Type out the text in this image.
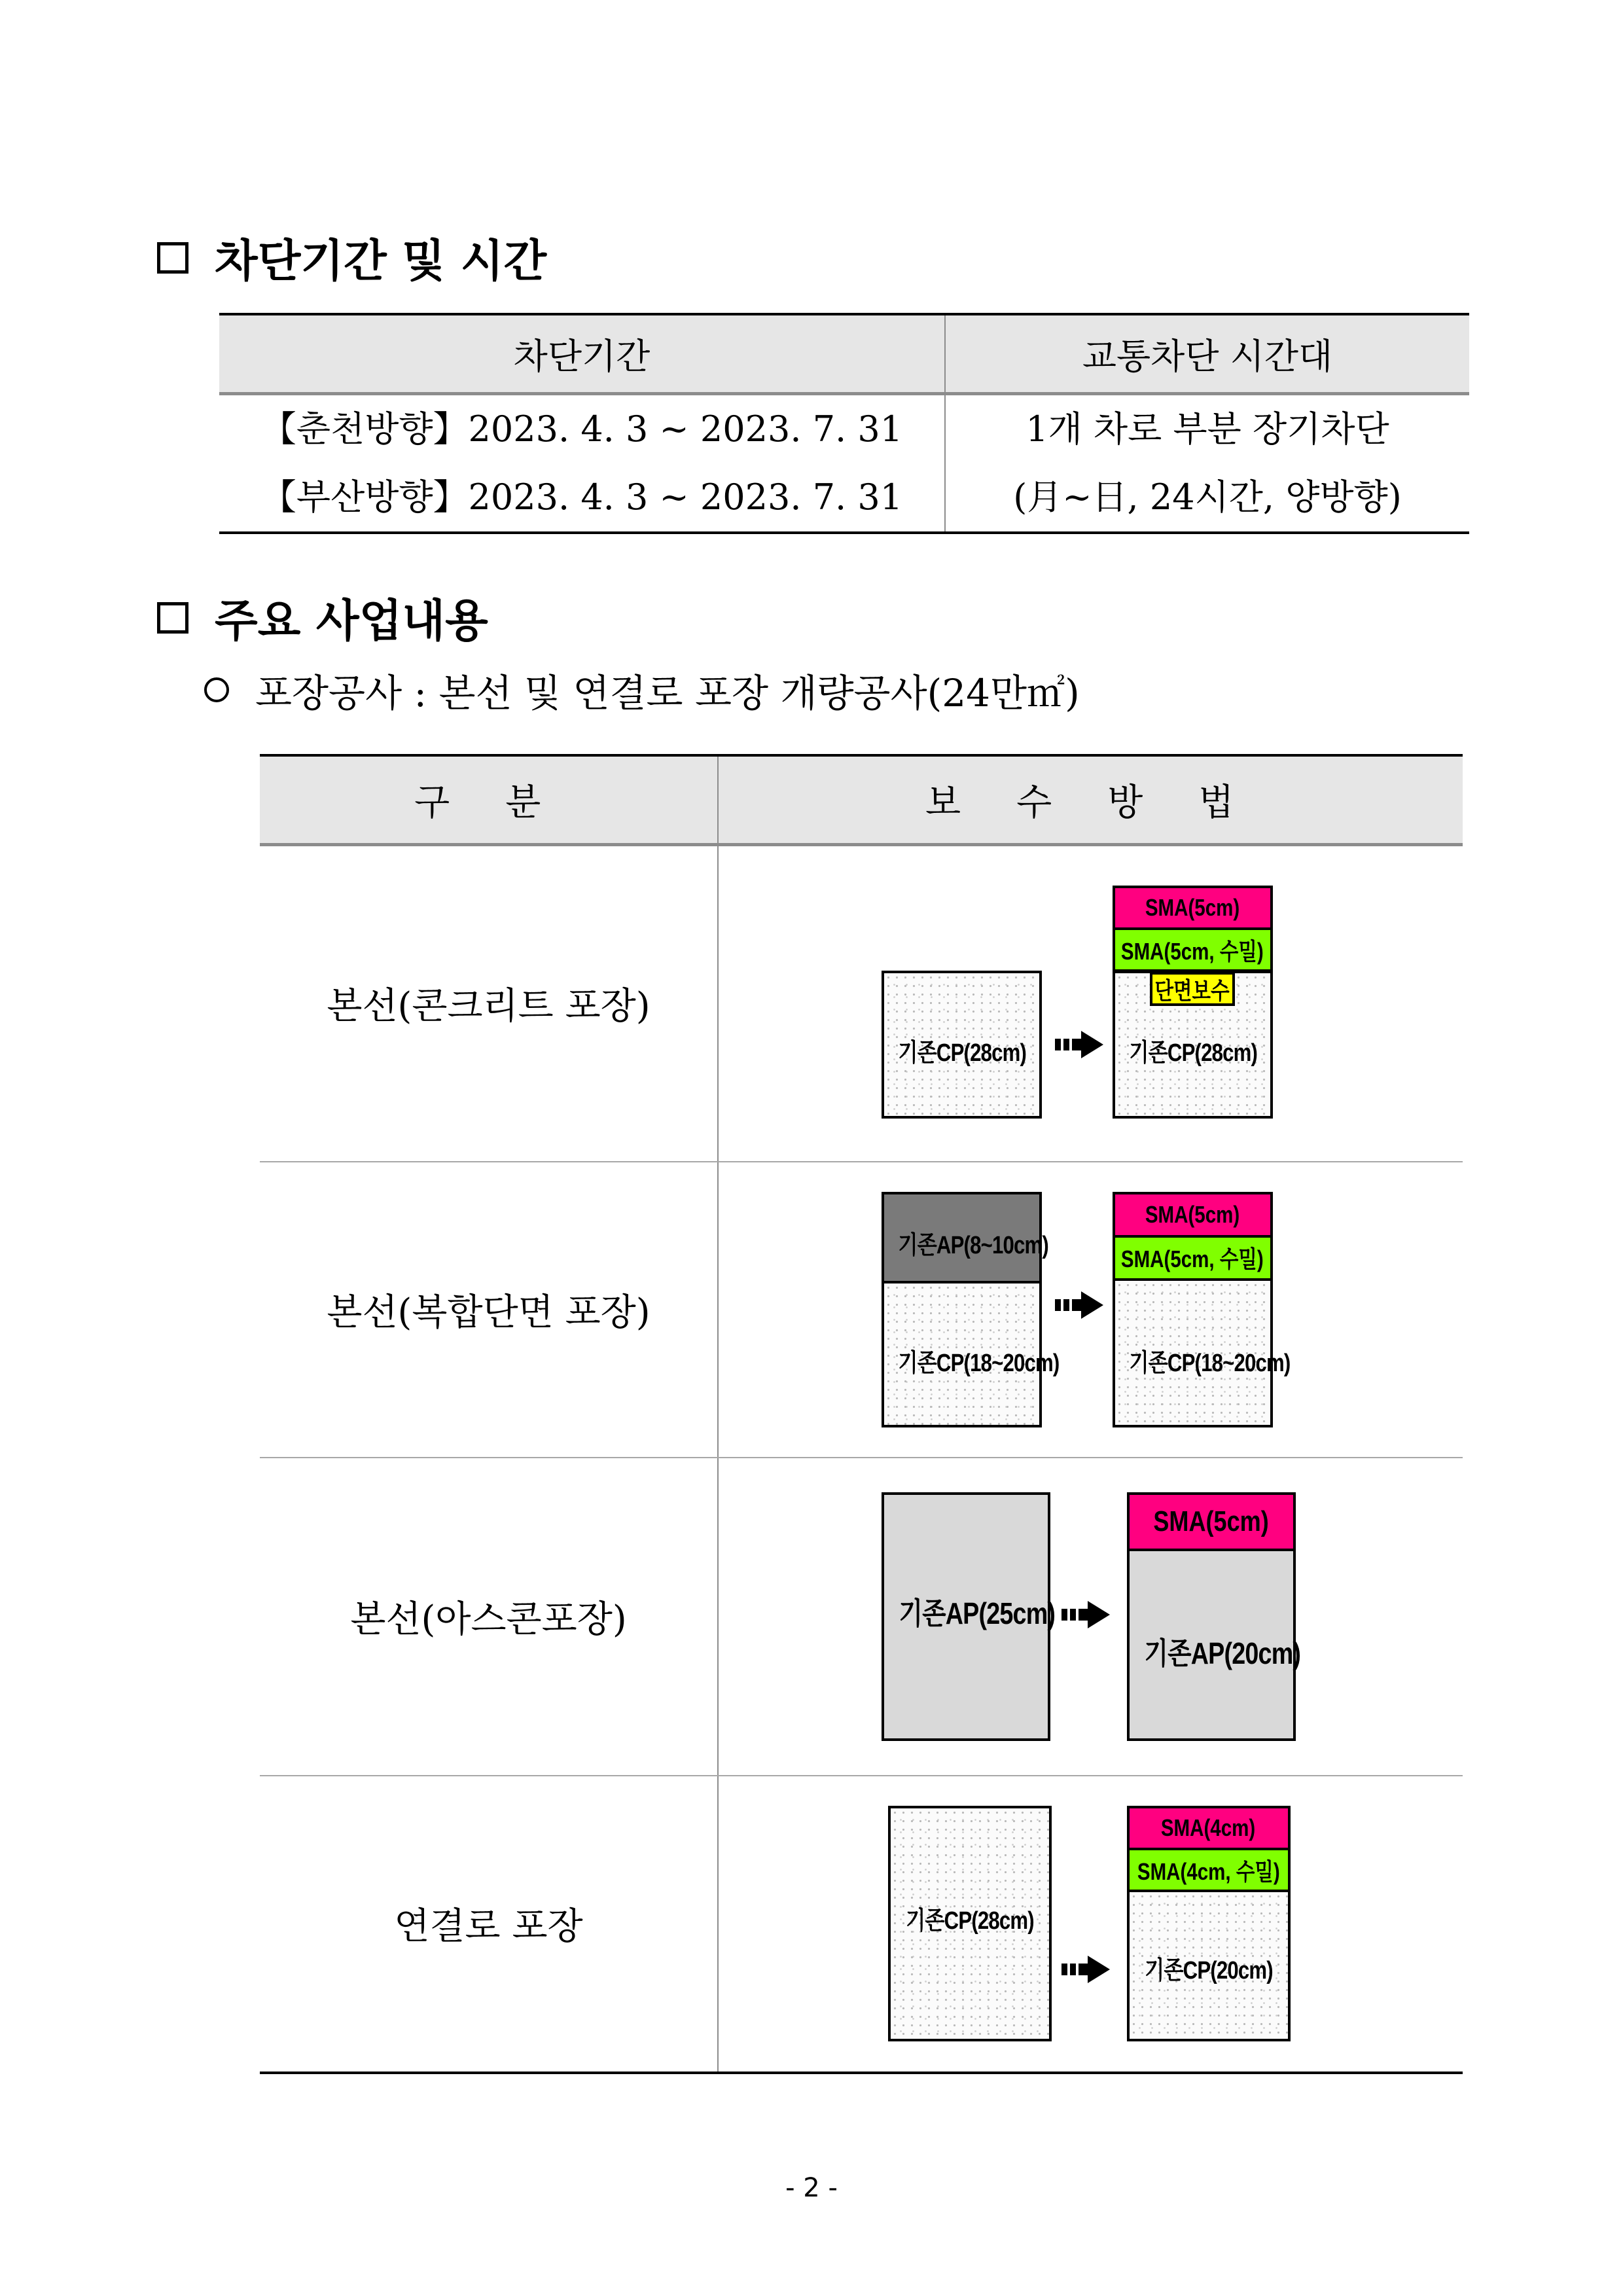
차단기간 및 시간
차단기간	교통차단 시간대
【춘천방향】2023. 4. 3 ~ 2023. 7. 31	1개 차로 부분 장기차단
【부산방향】2023. 4. 3 ~ 2023. 7. 31	(月~日, 24시간, 양방향)
주요 사업내용
포장공사 : 본선 및 연결로 포장 개량공사(24만㎡)
구 분	보 수 방 법
본선(콘크리트 포장)	기존CP(28cm) 기존CP(28cm)
SMA(5cm)
SMA(5cm, 수밀)
단면보수

본선(복합단면 포장)	기존AP(8~10cm)
기존CP(18~20cm)
SMA(5cm)
SMA(5cm, 수밀)
기존CP(18~20cm)

본선(아스콘포장)	기존AP(25cm)
SMA(5cm)
기존AP(20cm)

연결로 포장	기존CP(28cm)
SMA(4cm)
SMA(4cm, 수밀)
기존CP(20cm)
- 2 -
